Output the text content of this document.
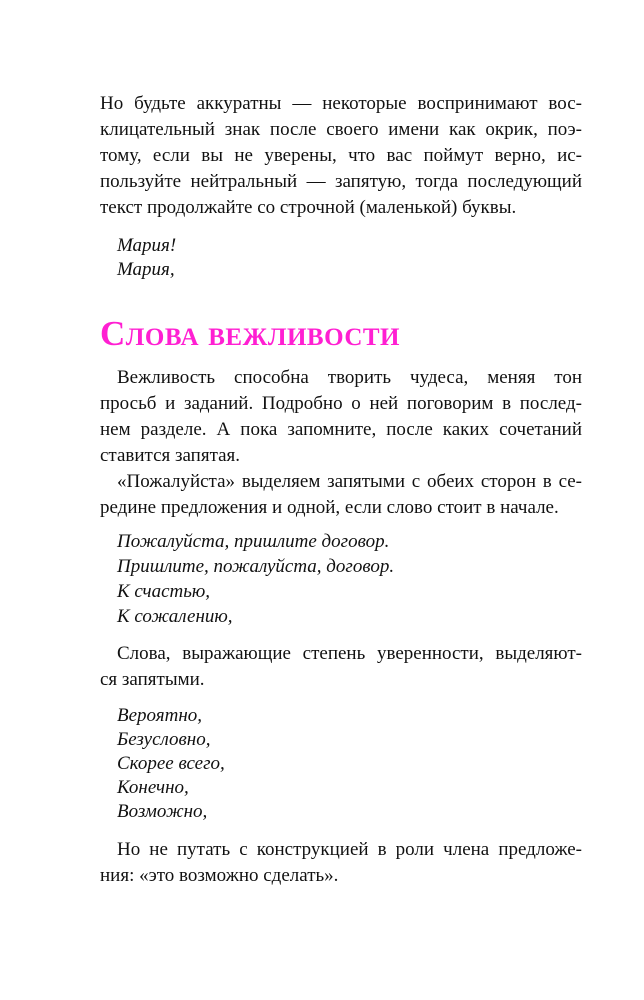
Но будьте аккуратны — некоторые воспринимают вос-

клицательный знак после своего имени как окрик, поэ-

тому, если вы не уверены, что вас поймут верно, ис-

пользуйте нейтральный — запятую, тогда последующий

текст продолжайте со строчной (маленькой) буквы.

Мария!

Мария,

Слова вежливости

Вежливость способна творить чудеса, меняя тон

просьб и заданий. Подробно о ней поговорим в послед-

нем разделе. А пока запомните, после каких сочетаний

ставится запятая.

«Пожалуйста» выделяем запятыми с обеих сторон в се-

редине предложения и одной, если слово стоит в начале.

Пожалуйста, пришлите договор.

Пришлите, пожалуйста, договор.

К счастью,

К сожалению,

Слова, выражающие степень уверенности, выделяют-

ся запятыми.

Вероятно,

Безусловно,

Скорее всего,

Конечно,

Возможно,

Но не путать с конструкцией в роли члена предложе-

ния: «это возможно сделать».
